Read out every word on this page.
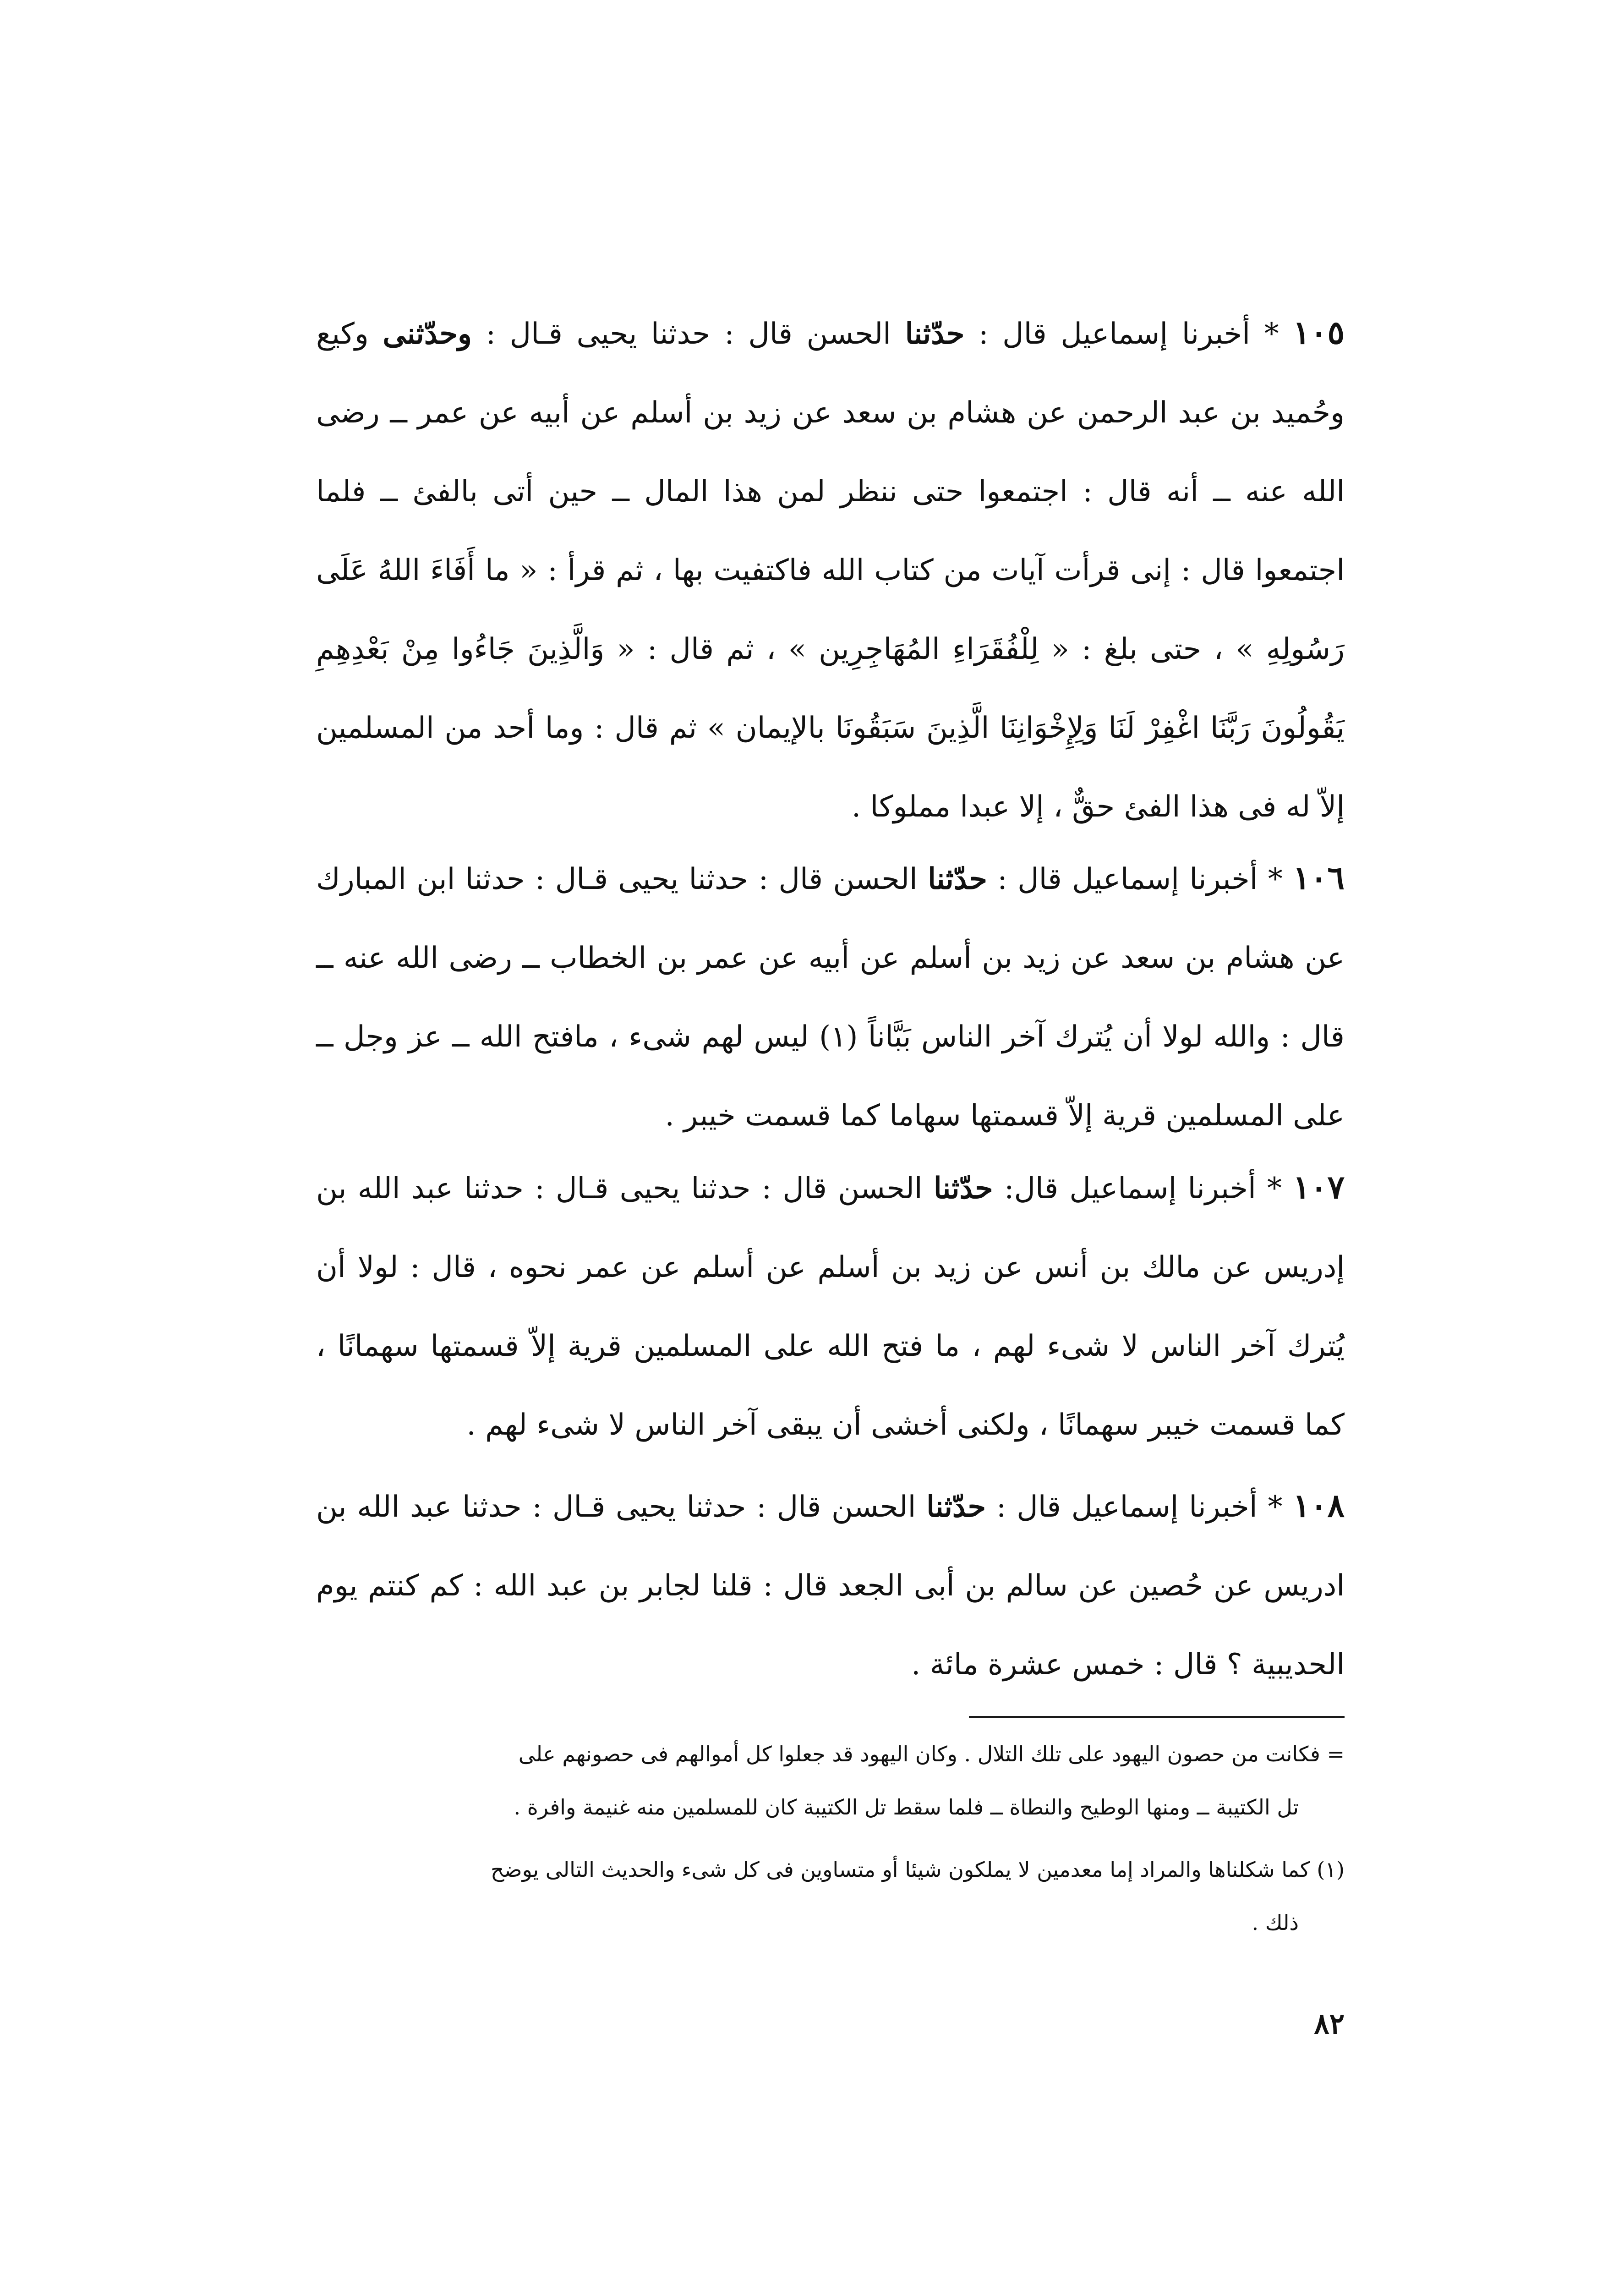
١٠٥ * أخبرنا إسماعيل قال : حدّثنا الحسن قال : حدثنا يحيى قـال : وحدّثنى وكيع وحُميد بن عبد الرحمن عن هشام بن سعد عن زيد بن أسلم عن أبيه عن عمر ــ رضى الله عنه ــ أنه قال : اجتمعوا حتى ننظر لمن هذا المال ــ حين أتى بالفئ ــ فلما اجتمعوا قال : إنى قرأت آيات من كتاب الله فاكتفيت بها ، ثم قرأ : « ما أَفَاءَ اللهُ عَلَى رَسُولِهِ » ، حتى بلغ : « لِلْفُقَرَاءِ المُهَاجِرِين » ، ثم قال : « وَالَّذِينَ جَاءُوا مِنْ بَعْدِهِمِ يَقُولُونَ رَبَّنَا اغْفِرْ لَنَا وَلِإِخْوَانِنَا الَّذِينَ سَبَقُونَا بالإيمان » ثم قال : وما أحد من المسلمين إلاّ له فى هذا الفئ حقٌّ ، إلا عبدا مملوكا .

١٠٦ * أخبرنا إسماعيل قال : حدّثنا الحسن قال : حدثنا يحيى قـال : حدثنا ابن المبارك عن هشام بن سعد عن زيد بن أسلم عن أبيه عن عمر بن الخطاب ــ رضى الله عنه ــ قال : والله لولا أن يُترك آخر الناس بَبَّاناً (١) ليس لهم شىء ، مافتح الله ــ عز وجل ــ على المسلمين قرية إلاّ قسمتها سهاما كما قسمت خيبر .

١٠٧ * أخبرنا إسماعيل قال: حدّثنا الحسن قال : حدثنا يحيى قـال : حدثنا عبد الله بن إدريس عن مالك بن أنس عن زيد بن أسلم عن أسلم عن عمر نحوه ، قال : لولا أن يُترك آخر الناس لا شىء لهم ، ما فتح الله على المسلمين قرية إلاّ قسمتها سهمانًا ، كما قسمت خيبر سهمانًا ، ولكنى أخشى أن يبقى آخر الناس لا شىء لهم .

١٠٨ * أخبرنا إسماعيل قال : حدّثنا الحسن قال : حدثنا يحيى قـال : حدثنا عبد الله بن ادريس عن حُصين عن سالم بن أبى الجعد قال : قلنا لجابر بن عبد الله : كم كنتم يوم الحديبية ؟ قال : خمس عشرة مائة .

= فكانت من حصون اليهود على تلك التلال . وكان اليهود قد جعلوا كل أموالهم فى حصونهم على
تل الكتيبة ــ ومنها الوطيح والنطاة ــ فلما سقط تل الكتيبة كان للمسلمين منه غنيمة وافرة .
(١) كما شكلناها والمراد إما معدمين لا يملكون شيئا أو متساوين فى كل شىء والحديث التالى يوضح
ذلك .
٨٢
